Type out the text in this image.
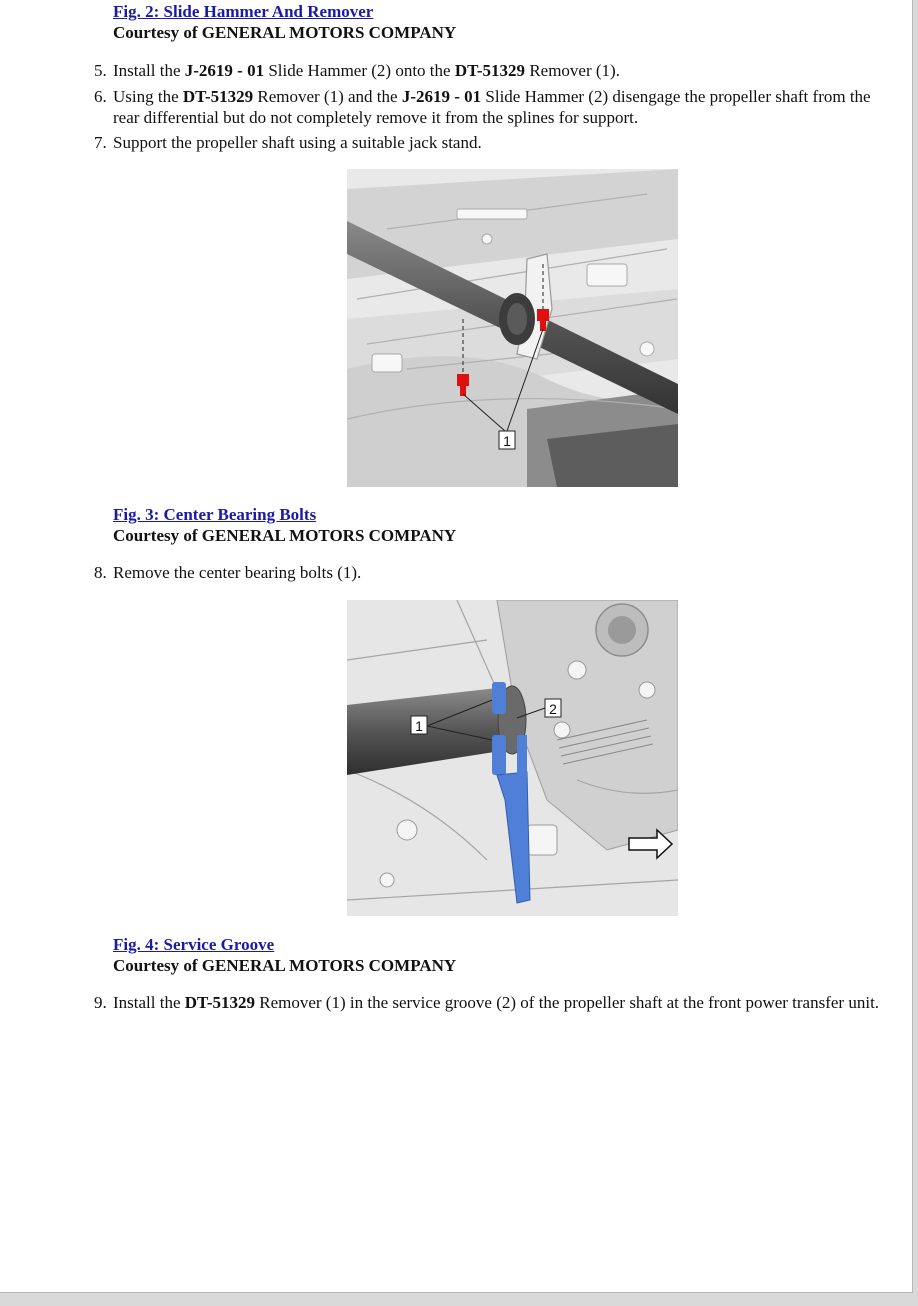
Fig. 2: Slide Hammer And Remover
Courtesy of GENERAL MOTORS COMPANY
5. Install the J-2619 - 01 Slide Hammer (2) onto the DT-51329 Remover (1).
6. Using the DT-51329 Remover (1) and the J-2619 - 01 Slide Hammer (2) disengage the propeller shaft from the rear differential but do not completely remove it from the splines for support.
7. Support the propeller shaft using a suitable jack stand.
1
Fig. 3: Center Bearing Bolts
Courtesy of GENERAL MOTORS COMPANY
8. Remove the center bearing bolts (1).
1
2
Fig. 4: Service Groove
Courtesy of GENERAL MOTORS COMPANY
9. Install the DT-51329 Remover (1) in the service groove (2) of the propeller shaft at the front power transfer unit.
